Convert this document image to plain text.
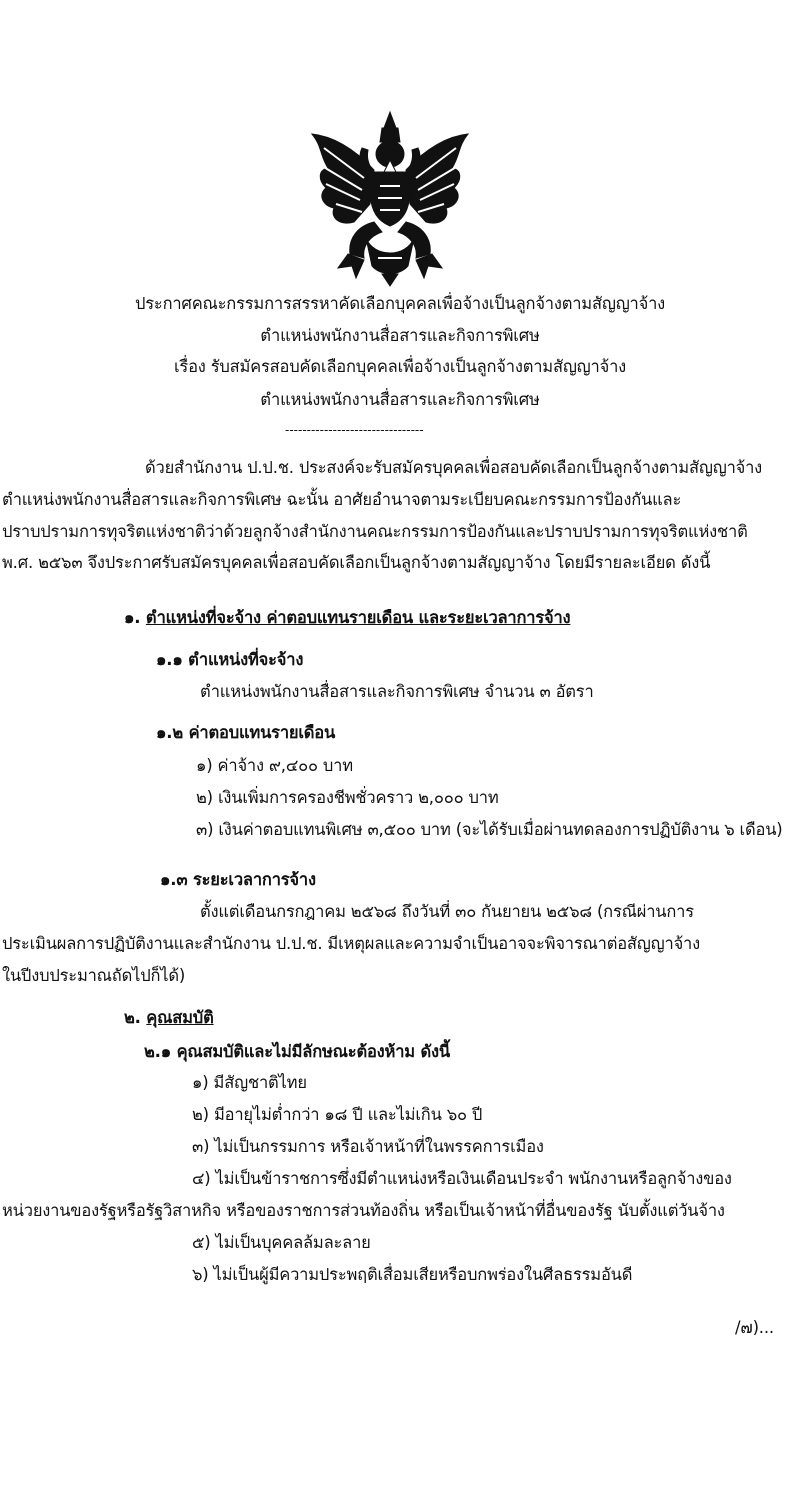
ประกาศคณะกรรมการสรรหาคัดเลือกบุคคลเพื่อจ้างเป็นลูกจ้างตามสัญญาจ้าง
ตำแหน่งพนักงานสื่อสารและกิจการพิเศษ
เรื่อง รับสมัครสอบคัดเลือกบุคคลเพื่อจ้างเป็นลูกจ้างตามสัญญาจ้าง
ตำแหน่งพนักงานสื่อสารและกิจการพิเศษ
--------------------------------
ด้วยสำนักงาน ป.ป.ช. ประสงค์จะรับสมัครบุคคลเพื่อสอบคัดเลือกเป็นลูกจ้างตามสัญญาจ้าง
ตำแหน่งพนักงานสื่อสารและกิจการพิเศษ ฉะนั้น อาศัยอำนาจตามระเบียบคณะกรรมการป้องกันและ
ปราบปรามการทุจริตแห่งชาติว่าด้วยลูกจ้างสำนักงานคณะกรรมการป้องกันและปราบปรามการทุจริตแห่งชาติ
พ.ศ. ๒๕๖๓ จึงประกาศรับสมัครบุคคลเพื่อสอบคัดเลือกเป็นลูกจ้างตามสัญญาจ้าง โดยมีรายละเอียด ดังนี้
๑. ตำแหน่งที่จะจ้าง ค่าตอบแทนรายเดือน และระยะเวลาการจ้าง
๑.๑ ตำแหน่งที่จะจ้าง
ตำแหน่งพนักงานสื่อสารและกิจการพิเศษ จำนวน ๓ อัตรา
๑.๒ ค่าตอบแทนรายเดือน
๑) ค่าจ้าง ๙,๔๐๐ บาท
๒) เงินเพิ่มการครองชีพชั่วคราว ๒,๐๐๐ บาท
๓) เงินค่าตอบแทนพิเศษ ๓,๕๐๐ บาท (จะได้รับเมื่อผ่านทดลองการปฏิบัติงาน ๖ เดือน)
๑.๓ ระยะเวลาการจ้าง
ตั้งแต่เดือนกรกฎาคม ๒๕๖๘ ถึงวันที่ ๓๐ กันยายน ๒๕๖๘ (กรณีผ่านการ
ประเมินผลการปฏิบัติงานและสำนักงาน ป.ป.ช. มีเหตุผลและความจำเป็นอาจจะพิจารณาต่อสัญญาจ้าง
ในปีงบประมาณถัดไปก็ได้)
๒. คุณสมบัติ
๒.๑ คุณสมบัติและไม่มีลักษณะต้องห้าม ดังนี้
๑) มีสัญชาติไทย
๒) มีอายุไม่ต่ำกว่า ๑๘ ปี และไม่เกิน ๖๐ ปี
๓) ไม่เป็นกรรมการ หรือเจ้าหน้าที่ในพรรคการเมือง
๔) ไม่เป็นข้าราชการซึ่งมีตำแหน่งหรือเงินเดือนประจำ พนักงานหรือลูกจ้างของ
หน่วยงานของรัฐหรือรัฐวิสาหกิจ หรือของราชการส่วนท้องถิ่น หรือเป็นเจ้าหน้าที่อื่นของรัฐ นับตั้งแต่วันจ้าง
๕) ไม่เป็นบุคคลล้มละลาย
๖) ไม่เป็นผู้มีความประพฤติเสื่อมเสียหรือบกพร่องในศีลธรรมอันดี
/๗)...
